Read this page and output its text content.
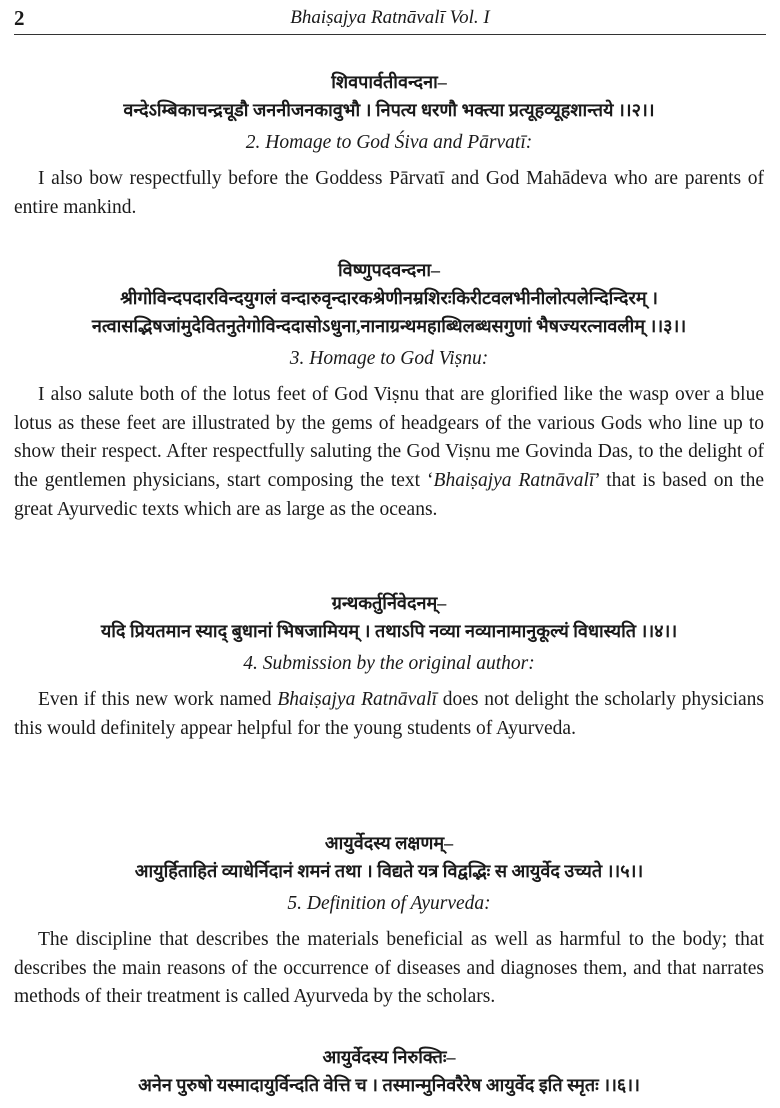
2	Bhaiṣajya Ratnāvalī Vol. I
शिवपार्वतीवन्दना–
वन्देऽम्बिकाचन्द्रचूडौ जननीजनकावुभौ । निपत्य धरणौ भक्त्या प्रत्यूहव्यूहशान्तये ।।२।।
2. Homage to God Śiva and Pārvatī:

I also bow respectfully before the Goddess Pārvatī and God Mahādeva who are parents of entire mankind.

विष्णुपदवन्दना–
श्रीगोविन्दपदारविन्दयुगलं वन्दारुवृन्दारकश्रेणीनम्रशिरःकिरीटवलभीनीलोत्पलेन्दिन्दिरम् ।
नत्वासद्भिषजांमुदेवितनुतेगोविन्ददासोऽधुना,नानाग्रन्थमहाब्धिलब्धसगुणां भैषज्यरत्नावलीम् ।।३।।
3. Homage to God Viṣnu:

I also salute both of the lotus feet of God Viṣnu that are glorified like the wasp over a blue lotus as these feet are illustrated by the gems of headgears of the various Gods who line up to show their respect. After respectfully saluting the God Viṣnu me Govinda Das, to the delight of the gentlemen physicians, start composing the text ‘Bhaiṣajya Ratnāvalī’ that is based on the great Ayurvedic texts which are as large as the oceans.

ग्रन्थकर्तुर्निवेदनम्–
यदि प्रियतमान स्याद् बुधानां भिषजामियम् । तथाऽपि नव्या नव्यानामानुकूल्यं विधास्यति ।।४।।
4. Submission by the original author:

Even if this new work named Bhaiṣajya Ratnāvalī does not delight the scholarly physicians this would definitely appear helpful for the young students of Ayurveda.

आयुर्वेदस्य लक्षणम्–
आयुर्हिताहितं व्याधेर्निदानं शमनं तथा । विद्यते यत्र विद्वद्भिः स आयुर्वेद उच्यते ।।५।।
5. Definition of Ayurveda:

The discipline that describes the materials beneficial as well as harmful to the body; that describes the main reasons of the occurrence of diseases and diagnoses them, and that narrates methods of their treatment is called Ayurveda by the scholars.

आयुर्वेदस्य निरुक्तिः–
अनेन पुरुषो यस्मादायुर्विन्दति वेत्ति च । तस्मान्मुनिवरैरेष आयुर्वेद इति स्मृतः ।।६।।
